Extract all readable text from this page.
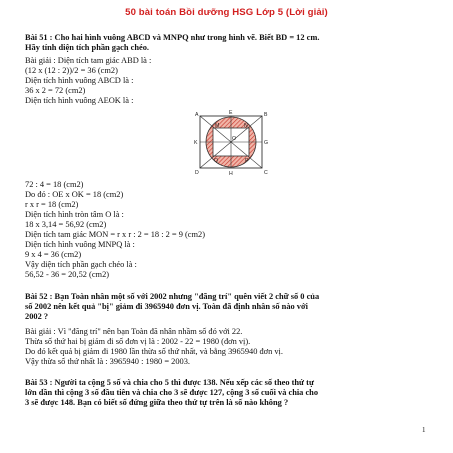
50 bài toán Bồi dưỡng HSG Lớp 5 (Lời giải)
Bài 51 : Cho hai hình vuông ABCD và MNPQ như trong hình vẽ. Biết BD = 12 cm.
Hãy tính diện tích phần gạch chéo.
Bài giải : Diện tích tam giác ABD là :
(12 x (12 : 2))/2 = 36 (cm2)
Diện tích hình vuông ABCD là :
36 x 2 = 72 (cm2)
Diện tích hình vuông AEOK là :
A	E	B
M	N
K
O
G
Q	P
D	H	C
72 : 4 = 18 (cm2)
Do đó : OE x OK = 18 (cm2)
r x r = 18 (cm2)
Diện tích hình tròn tâm O là :
18 x 3,14 = 56,92 (cm2)
Diện tích tam giác MON = r x r : 2 = 18 : 2 = 9 (cm2)
Diện tích hình vuông MNPQ là :
9 x 4 = 36 (cm2)
Vậy diện tích phần gạch chéo là :
56,52 - 36 = 20,52 (cm2)
Bài 52 : Bạn Toàn nhân một số với 2002 nhưng "đãng trí" quên viết 2 chữ số 0 của
số 2002 nên kết quả "bị" giảm đi 3965940 đơn vị. Toàn đã định nhân số nào với
2002 ?
Bài giải : Vì "đãng trí" nên bạn Toàn đã nhân nhầm số đó với 22.
Thừa số thứ hai bị giảm đi số đơn vị là : 2002 - 22 = 1980 (đơn vị).
Do đó kết quả bị giảm đi 1980 lần thừa số thứ nhất, và bằng 3965940 đơn vị.
Vậy thừa số thứ nhất là : 3965940 : 1980 = 2003.
Bài 53 : Người ta cộng 5 số và chia cho 5 thì được 138. Nếu xếp các số theo thứ tự
lớn dần thì cộng 3 số đầu tiên và chia cho 3 sẽ được 127, cộng 3 số cuối và chia cho
3 sẽ được 148. Bạn có biết số đứng giữa theo thứ tự trên là số nào không ?
1
